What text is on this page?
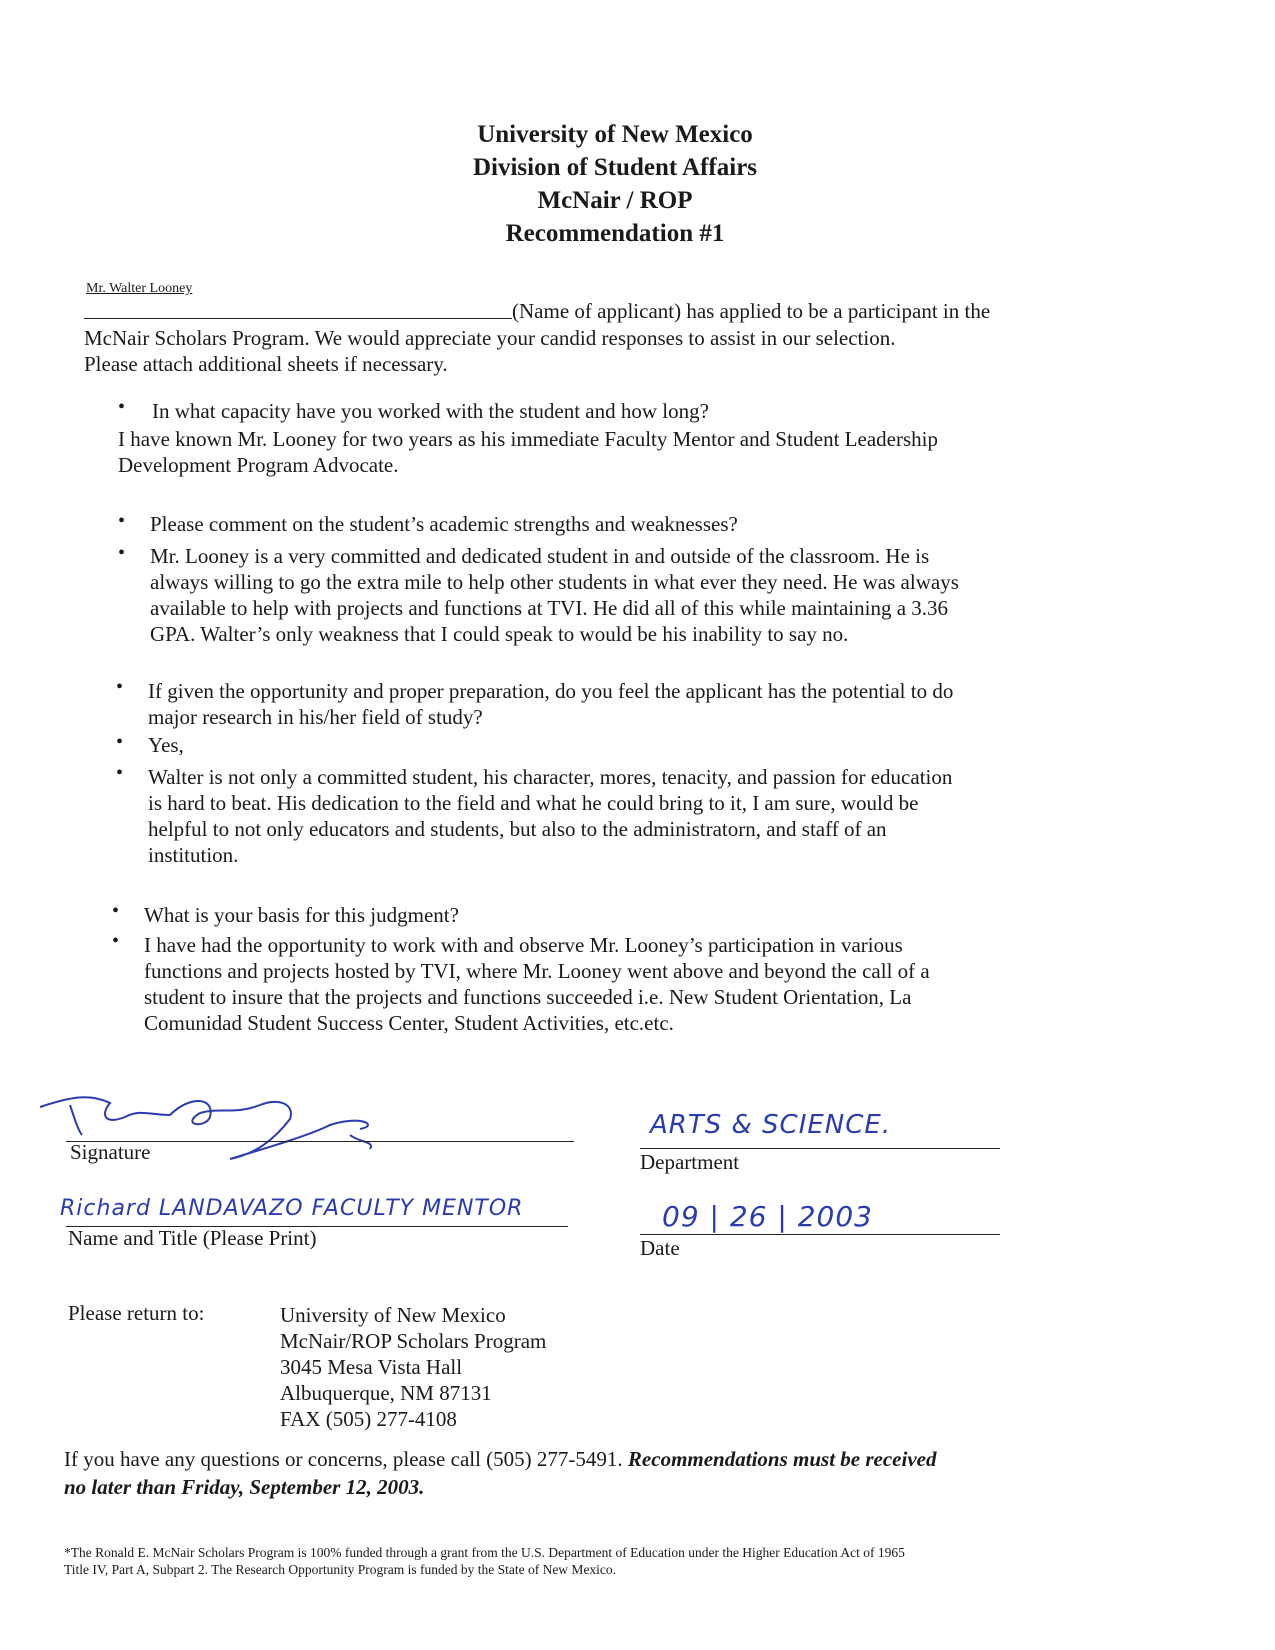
University of New Mexico
Division of Student Affairs
McNair / ROP
Recommendation #1
Mr. Walter Looney
(Name of applicant) has applied to be a participant in the
McNair Scholars Program. We would appreciate your candid responses to assist in our selection.
Please attach additional sheets if necessary.
• In what capacity have you worked with the student and how long?
I have known Mr. Looney for two years as his immediate Faculty Mentor and Student Leadership
Development Program Advocate.
• Please comment on the student’s academic strengths and weaknesses?
• Mr. Looney is a very committed and dedicated student in and outside of the classroom. He is
always willing to go the extra mile to help other students in what ever they need. He was always
available to help with projects and functions at TVI. He did all of this while maintaining a 3.36
GPA. Walter’s only weakness that I could speak to would be his inability to say no.
• If given the opportunity and proper preparation, do you feel the applicant has the potential to do
major research in his/her field of study?
• Yes,
• Walter is not only a committed student, his character, mores, tenacity, and passion for education
is hard to beat. His dedication to the field and what he could bring to it, I am sure, would be
helpful to not only educators and students, but also to the administratorn, and staff of an
institution.
• What is your basis for this judgment?
• I have had the opportunity to work with and observe Mr. Looney’s participation in various
functions and projects hosted by TVI, where Mr. Looney went above and beyond the call of a
student to insure that the projects and functions succeeded i.e. New Student Orientation, La
Comunidad Student Success Center, Student Activities, etc.etc.
Signature
ARTS & SCIENCE.
Department
Richard LANDAVAZO FACULTY MENTOR
Name and Title (Please Print)
09 | 26 | 2003
Date
Please return to:	University of New Mexico
McNair/ROP Scholars Program
3045 Mesa Vista Hall
Albuquerque, NM 87131
FAX (505) 277-4108
If you have any questions or concerns, please call (505) 277-5491. Recommendations must be received
no later than Friday, September 12, 2003.
*The Ronald E. McNair Scholars Program is 100% funded through a grant from the U.S. Department of Education under the Higher Education Act of 1965
Title IV, Part A, Subpart 2. The Research Opportunity Program is funded by the State of New Mexico.
